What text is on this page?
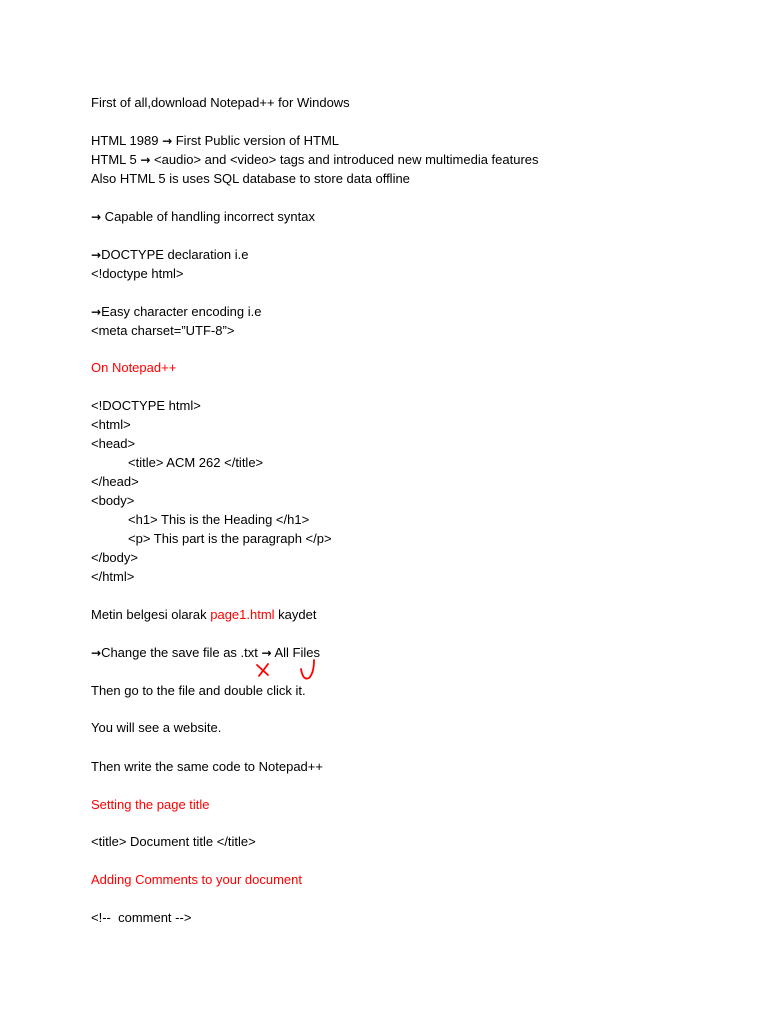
First of all,download Notepad++ for Windows
HTML 1989 → First Public version of HTML
HTML 5 → <audio> and <video> tags and introduced new multimedia features
Also HTML 5 is uses SQL database to store data offline
→ Capable of handling incorrect syntax
→DOCTYPE declaration i.e
<!doctype html>
→Easy character encoding i.e
<meta charset=”UTF-8”>
On Notepad++
<!DOCTYPE html>
<html>
<head>
<title> ACM 262 </title>
</head>
<body>
<h1> This is the Heading </h1>
<p> This part is the paragraph </p>
</body>
</html>
Metin belgesi olarak page1.html kaydet
→Change the save file as .txt → All Files
Then go to the file and double click it.
You will see a website.
Then write the same code to Notepad++
Setting the page title
<title> Document title </title>
Adding Comments to your document
<!--  comment -->
